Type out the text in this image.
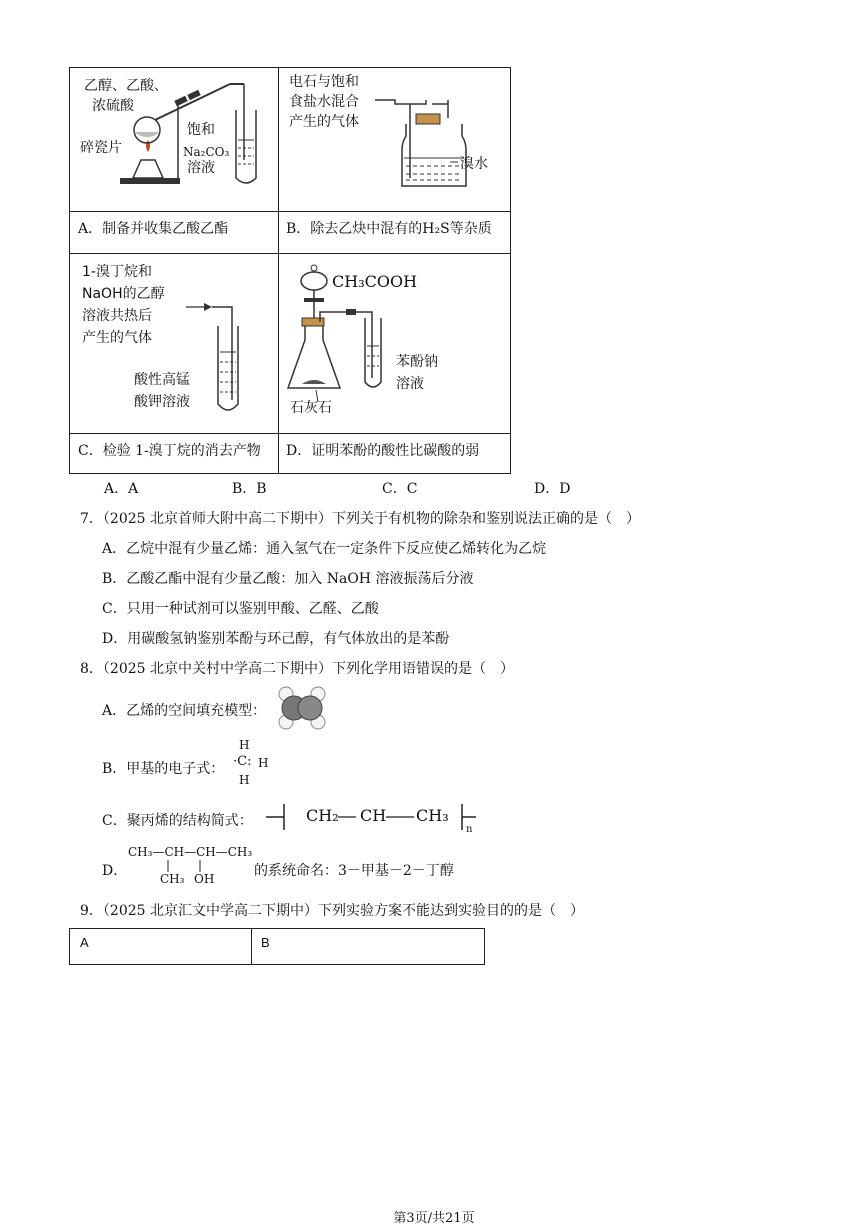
乙醇、乙酸、
浓硫酸
碎瓷片
饱和
Na₂CO₃
溶液
A．制备并收集乙酸乙酯
电石与饱和
食盐水混合
产生的气体
溴水
B．除去乙炔中混有的H₂S等杂质
1-溴丁烷和
NaOH的乙醇
溶液共热后
产生的气体
酸性高锰
酸钾溶液
C．检验 1-溴丁烷的消去产物
CH₃COOH
苯酚钠
溶液
石灰石
D．证明苯酚的酸性比碳酸的弱
A．A	B．B	C．C	D．D
7．（2025 北京首师大附中高二下期中）下列关于有机物的除杂和鉴别说法正确的是（　）
A．乙烷中混有少量乙烯：通入氢气在一定条件下反应使乙烯转化为乙烷
B．乙酸乙酯中混有少量乙酸：加入 NaOH 溶液振荡后分液
C．只用一种试剂可以鉴别甲酸、乙醛、乙酸
D．用碳酸氢钠鉴别苯酚与环己醇，有气体放出的是苯酚
8．（2025 北京中关村中学高二下期中）下列化学用语错误的是（　）
A．乙烯的空间填充模型：
B．甲基的电子式：
H
·C: H
H
C．聚丙烯的结构简式：	CH₂ CH CH₃
n
D．
CH₃—CH—CH—CH₃
CH₃ OH	的系统命名：3－甲基－2－丁醇
9．（2025 北京汇文中学高二下期中）下列实验方案不能达到实验目的的是（　）
A	B
第3页/共21页
